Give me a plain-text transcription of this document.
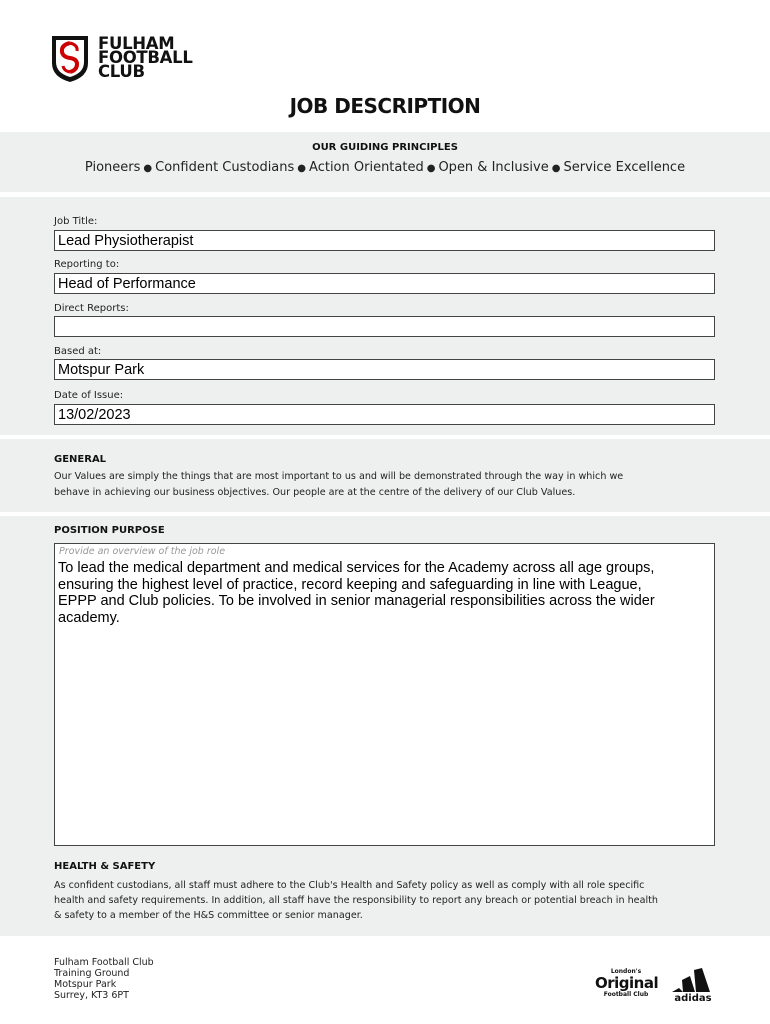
FULHAM
FOOTBALL
CLUB
JOB DESCRIPTION
OUR GUIDING PRINCIPLES
Pioneers ● Confident Custodians ● Action Orientated ● Open & Inclusive ● Service Excellence
Job Title:
Lead Physiotherapist
Reporting to:
Head of Performance
Direct Reports:
Based at:
Motspur Park
Date of Issue:
13/02/2023
GENERAL
Our Values are simply the things that are most important to us and will be demonstrated through the way in which we
behave in achieving our business objectives. Our people are at the centre of the delivery of our Club Values.
POSITION PURPOSE
Provide an overview of the job role
To lead the medical department and medical services for the Academy across all age groups,
ensuring the highest level of practice, record keeping and safeguarding in line with League,
EPPP and Club policies. To be involved in senior managerial responsibilities across the wider
academy.
HEALTH & SAFETY
As confident custodians, all staff must adhere to the Club's Health and Safety policy as well as comply with all role specific
health and safety requirements. In addition, all staff have the responsibility to report any breach or potential breach in health
& safety to a member of the H&S committee or senior manager.
Fulham Football Club
Training Ground
Motspur Park
Surrey, KT3 6PT
London's
Original
Football Club	adidas
